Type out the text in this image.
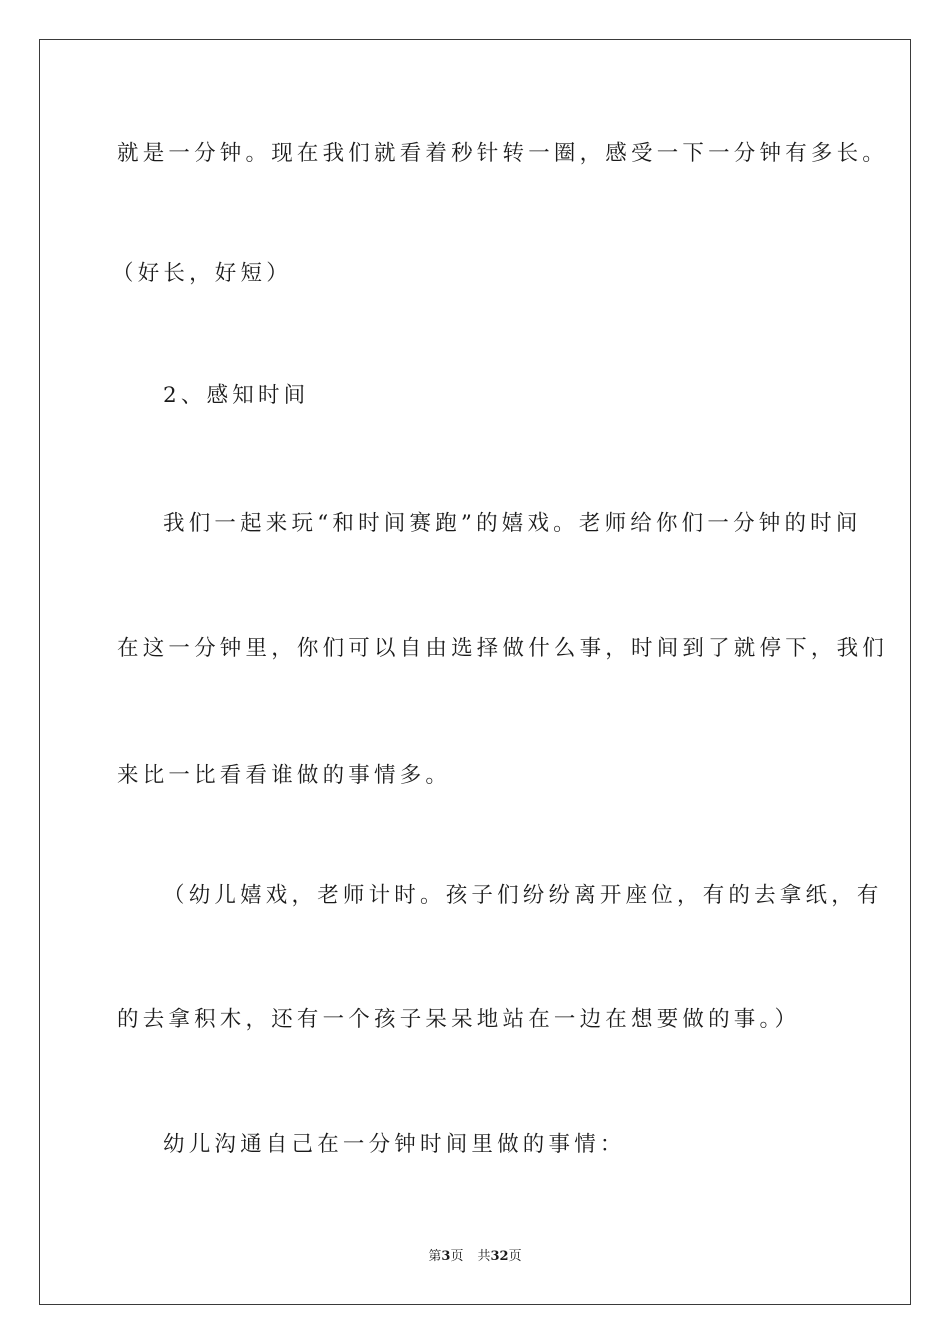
就是一分钟。现在我们就看着秒针转一圈，感受一下一分钟有多长。
（好长，好短）
2、感知时间
我们一起来玩“和时间赛跑”的嬉戏。老师给你们一分钟的时间
在这一分钟里，你们可以自由选择做什么事，时间到了就停下，我们
来比一比看看谁做的事情多。
（幼儿嬉戏，老师计时。孩子们纷纷离开座位，有的去拿纸，有
的去拿积木，还有一个孩子呆呆地站在一边在想要做的事。）
幼儿沟通自己在一分钟时间里做的事情：
第3页 共32页
